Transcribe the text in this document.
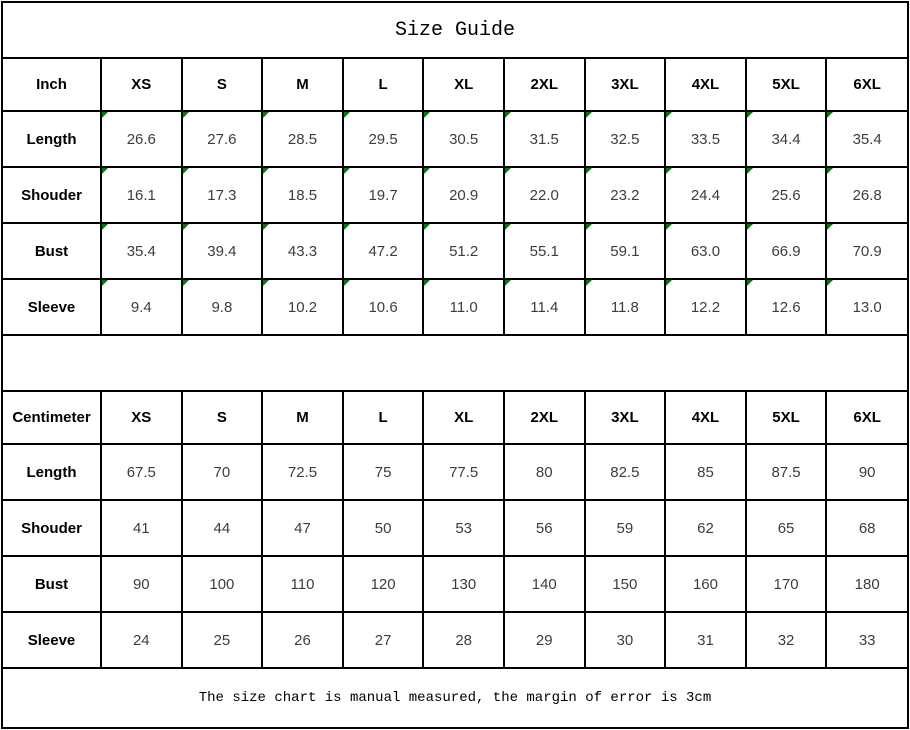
Size Guide
Inch	XS	S	M	L	XL	2XL	3XL	4XL	5XL	6XL
Length	26.6	27.6	28.5	29.5	30.5	31.5	32.5	33.5	34.4	35.4

Shouder	16.1	17.3	18.5	19.7	20.9	22.0	23.2	24.4	25.6	26.8

Bust	35.4	39.4	43.3	47.2	51.2	55.1	59.1	63.0	66.9	70.9

Sleeve	9.4	9.8	10.2	10.6	11.0	11.4	11.8	12.2	12.6	13.0
Centimeter	XS	S	M	L	XL	2XL	3XL	4XL	5XL	6XL
Length	67.5	70	72.5	75	77.5	80	82.5	85	87.5	90
Shouder	41	44	47	50	53	56	59	62	65	68
Bust	90	100	110	120	130	140	150	160	170	180
Sleeve	24	25	26	27	28	29	30	31	32	33
The size chart is manual measured, the margin of error is 3cm
